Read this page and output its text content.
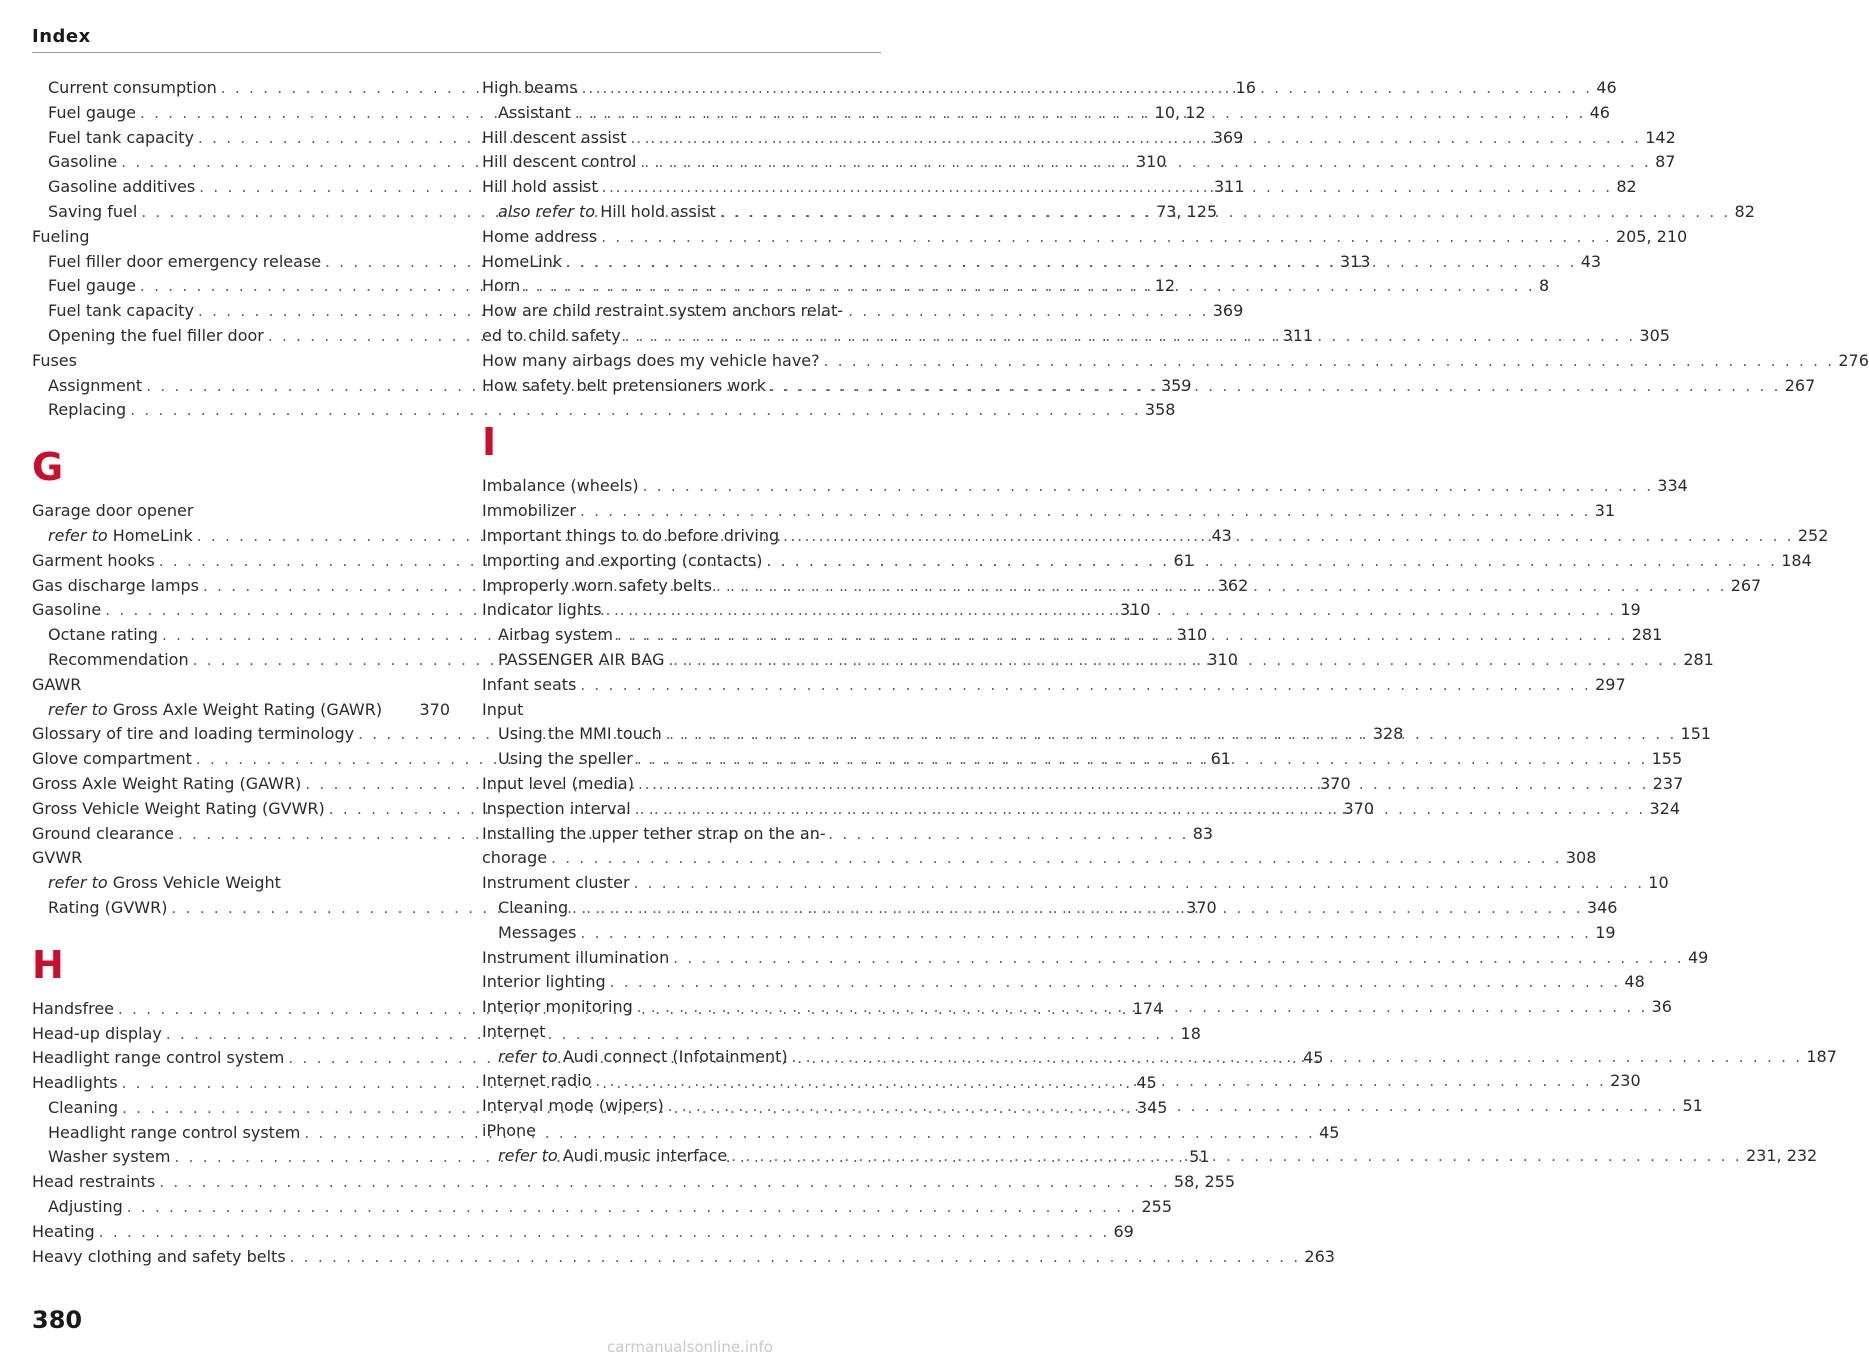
Index
Current consumption . . .	16
Fuel gauge . . .	10, 12
Fuel tank capacity . . .	369
Gasoline . . .	310
Gasoline additives . . .	311
Saving fuel . . .	73, 125
Fueling
Fuel filler door emergency release . . .	313
Fuel gauge . . .	12
Fuel tank capacity . . .	369
Opening the fuel filler door . . .	311
Fuses
Assignment . . .	359
Replacing . . .	358
G
Garage door opener
refer to HomeLink . . .	43
Garment hooks . . .	61
Gas discharge lamps . . .	362
Gasoline . . .	310
Octane rating . . .	310
Recommendation . . .	310
GAWR
refer to Gross Axle Weight Rating (GAWR) 370
Glossary of tire and loading terminology . . .	328
Glove compartment . . .	61
Gross Axle Weight Rating (GAWR) . . .	370
Gross Vehicle Weight Rating (GVWR) . . .	370
Ground clearance . . .	83
GVWR
refer to Gross Vehicle Weight
Rating (GVWR) . . .	370
H
Handsfree . . .	174
Head-up display . . .	18
Headlight range control system . . .	45
Headlights . . .	45
Cleaning . . .	345
Headlight range control system . . .	45
Washer system . . .	51
Head restraints . . .	58, 255
Adjusting . . .	255
Heating . . .	69
Heavy clothing and safety belts . . .	263
High beams . . .	46
Assistant . . .	46
Hill descent assist . . .	142
Hill descent control . . .	87
Hill hold assist . . .	82
also refer to Hill hold assist . . .	82
Home address . . .	205, 210
HomeLink . . .	43
Horn . . .	8
How are child restraint system anchors relat-
ed to child safety . . .	305
How many airbags does my vehicle have? . . .	276
How safety belt pretensioners work . . .	267
I
Imbalance (wheels) . . .	334
Immobilizer . . .	31
Important things to do before driving . . .	252
Importing and exporting (contacts) . . .	184
Improperly worn safety belts . . .	267
Indicator lights . . .	19
Airbag system . . .	281
PASSENGER AIR BAG . . .	281
Infant seats . . .	297
Input
Using the MMI touch . . .	151
Using the speller . . .	155
Input level (media) . . .	237
Inspection interval . . .	324
Installing the upper tether strap on the an-
chorage . . .	308
Instrument cluster . . .	10
Cleaning . . .	346
Messages . . .	19
Instrument illumination . . .	49
Interior lighting . . .	48
Interior monitoring . . .	36
Internet
refer to Audi connect (Infotainment) . . .	187
Internet radio . . .	230
Interval mode (wipers) . . .	51
iPhone
refer to Audi music interface . . .	231, 232
380
carmanualsonline.info
